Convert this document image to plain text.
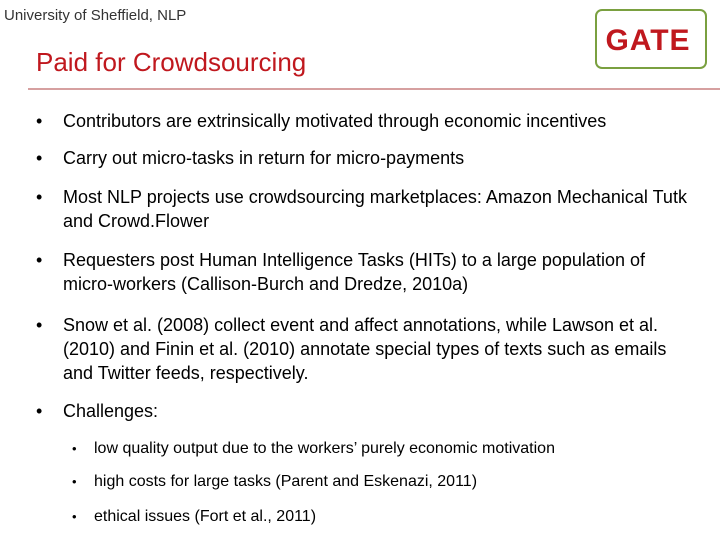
University of Sheffield, NLP
GATE
Paid for Crowdsourcing
• Contributors are extrinsically motivated through economic incentives
• Carry out micro-tasks in return for micro-payments
• Most NLP projects use crowdsourcing marketplaces: Amazon Mechanical Tutk and Crowd.Flower
• Requesters post Human Intelligence Tasks (HITs) to a large population of micro-workers (Callison-Burch and Dredze, 2010a)
• Snow et al. (2008) collect event and affect annotations, while Lawson et al. (2010) and Finin et al. (2010) annotate special types of texts such as emails and Twitter feeds, respectively.
• Challenges:
• low quality output due to the workers’ purely economic motivation
• high costs for large tasks (Parent and Eskenazi, 2011)
• ethical issues (Fort et al., 2011)
